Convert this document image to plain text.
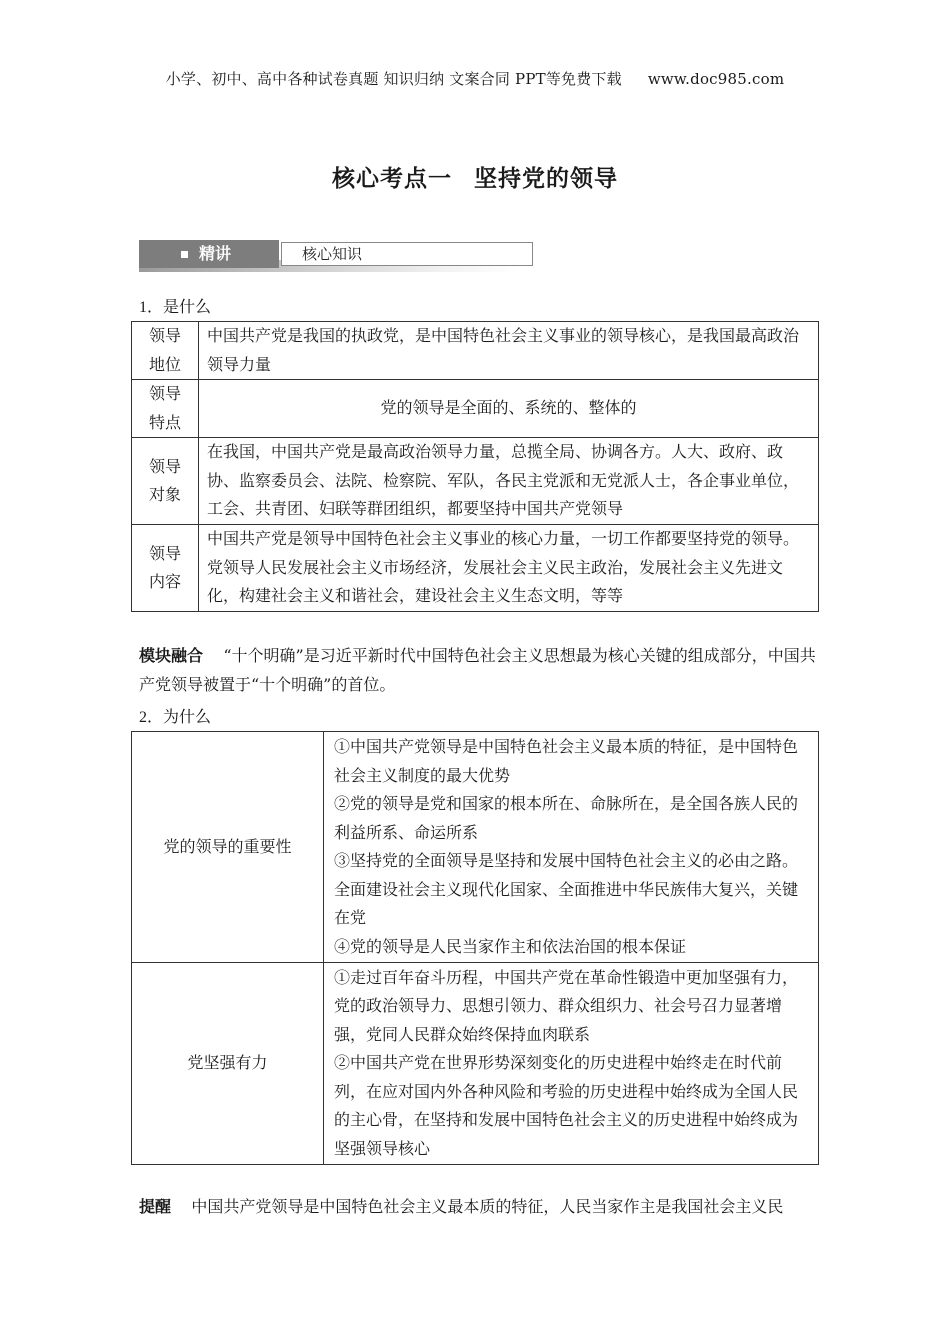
小学、初中、高中各种试卷真题 知识归纳 文案合同 PPT等免费下载 www.doc985.com
核心考点一 坚持党的领导
精讲	核心知识
1．是什么
领导
地位	中国共产党是我国的执政党，是中国特色社会主义事业的领导核心，是我国最高政治领导力量
领导
特点	党的领导是全面的、系统的、整体的
领导
对象	在我国，中国共产党是最高政治领导力量，总揽全局、协调各方。人大、政府、政协、监察委员会、法院、检察院、军队，各民主党派和无党派人士，各企事业单位，工会、共青团、妇联等群团组织，都要坚持中国共产党领导
领导
内容	中国共产党是领导中国特色社会主义事业的核心力量，一切工作都要坚持党的领导。党领导人民发展社会主义市场经济，发展社会主义民主政治，发展社会主义先进文化，构建社会主义和谐社会，建设社会主义生态文明，等等
模块融合 “十个明确”是习近平新时代中国特色社会主义思想最为核心关键的组成部分，中国共产党领导被置于“十个明确”的首位。
2．为什么
党的领导的重要性	①中国共产党领导是中国特色社会主义最本质的特征，是中国特色社会主义制度的最大优势
②党的领导是党和国家的根本所在、命脉所在，是全国各族人民的利益所系、命运所系
③坚持党的全面领导是坚持和发展中国特色社会主义的必由之路。全面建设社会主义现代化国家、全面推进中华民族伟大复兴，关键在党
④党的领导是人民当家作主和依法治国的根本保证

党坚强有力	①走过百年奋斗历程，中国共产党在革命性锻造中更加坚强有力，党的政治领导力、思想引领力、群众组织力、社会号召力显著增强，党同人民群众始终保持血肉联系
②中国共产党在世界形势深刻变化的历史进程中始终走在时代前列，在应对国内外各种风险和考验的历史进程中始终成为全国人民的主心骨，在坚持和发展中国特色社会主义的历史进程中始终成为坚强领导核心
提醒 中国共产党领导是中国特色社会主义最本质的特征，人民当家作主是我国社会主义民
